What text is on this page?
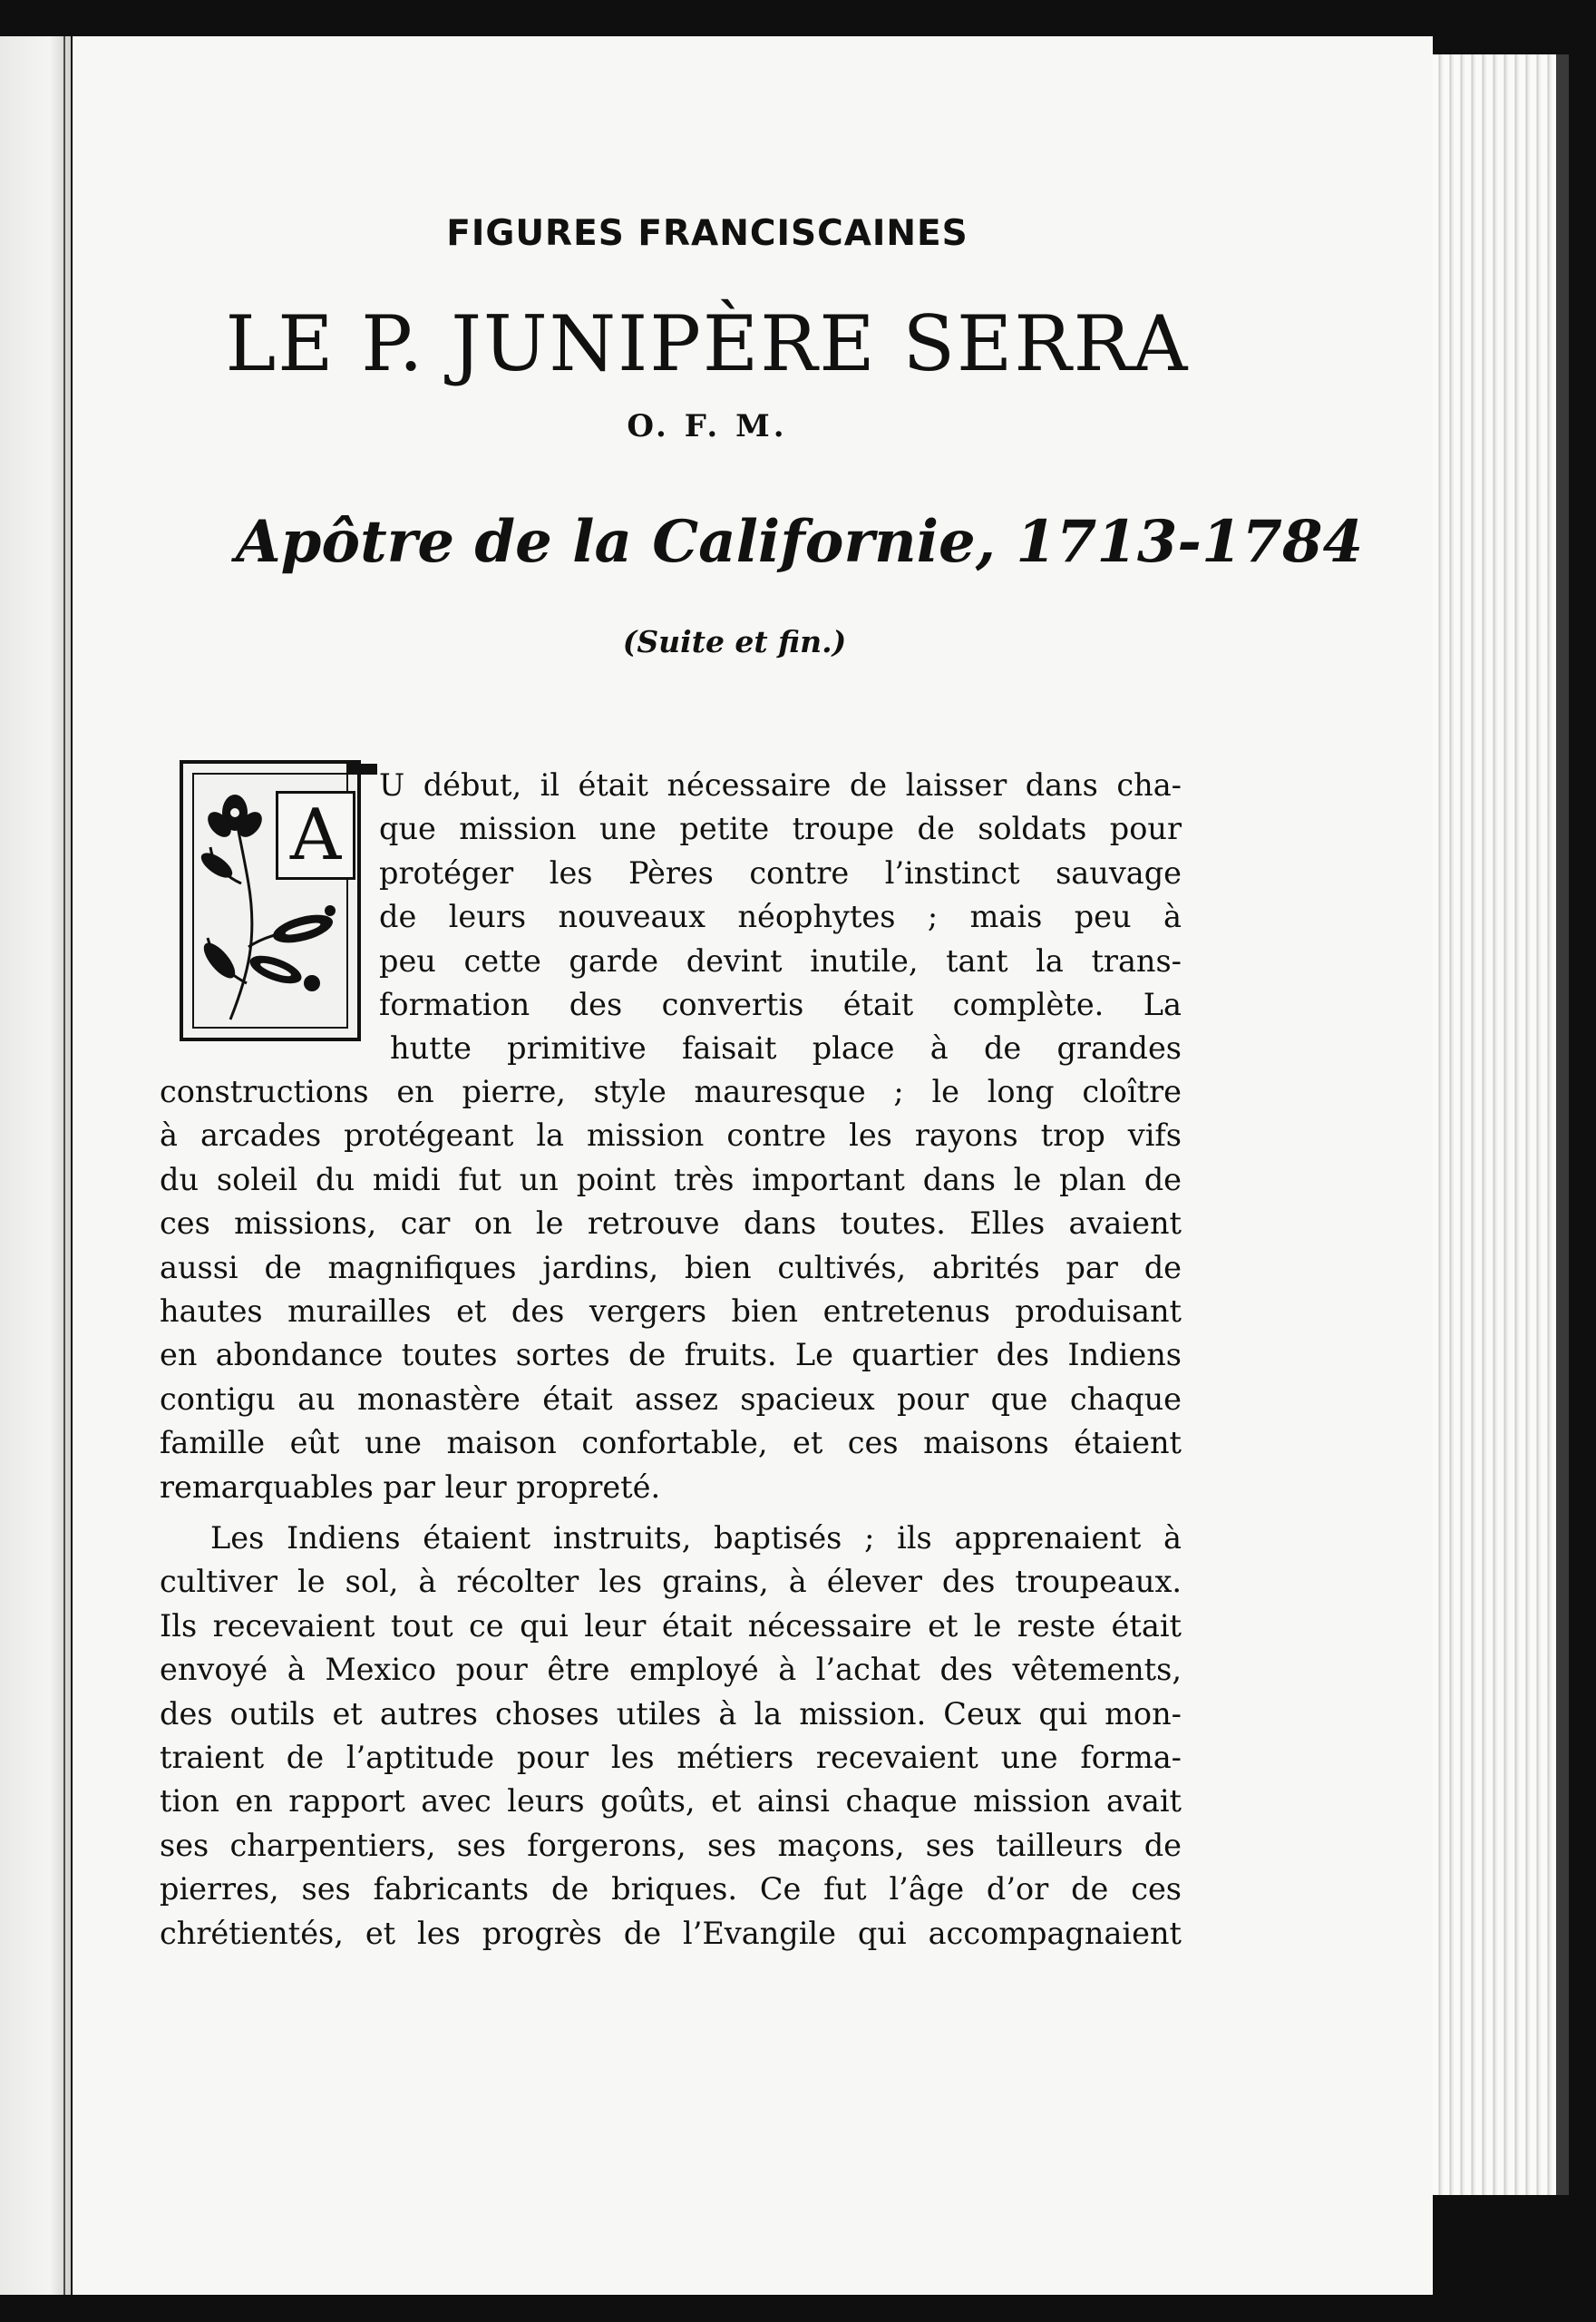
FIGURES FRANCISCAINES
LE P. JUNIPÈRE SERRA
O. F. M.
Apôtre de la Californie, 1713-1784
(Suite et fin.)
A
U début, il était nécessaire de laisser dans cha-
que mission une petite troupe de soldats pour
protéger les Pères contre l’instinct sauvage
de leurs nouveaux néophytes ; mais peu à
peu cette garde devint inutile, tant la trans-
formation des convertis était complète. La
hutte primitive faisait place à de grandes
constructions en pierre, style mauresque ; le long cloître
à arcades protégeant la mission contre les rayons trop vifs
du soleil du midi fut un point très important dans le plan de
ces missions, car on le retrouve dans toutes. Elles avaient
aussi de magnifiques jardins, bien cultivés, abrités par de
hautes murailles et des vergers bien entretenus produisant
en abondance toutes sortes de fruits. Le quartier des Indiens
contigu au monastère était assez spacieux pour que chaque
famille eût une maison confortable, et ces maisons étaient
remarquables par leur propreté.
Les Indiens étaient instruits, baptisés ; ils apprenaient à
cultiver le sol, à récolter les grains, à élever des troupeaux.
Ils recevaient tout ce qui leur était nécessaire et le reste était
envoyé à Mexico pour être employé à l’achat des vêtements,
des outils et autres choses utiles à la mission. Ceux qui mon-
traient de l’aptitude pour les métiers recevaient une forma-
tion en rapport avec leurs goûts, et ainsi chaque mission avait
ses charpentiers, ses forgerons, ses maçons, ses tailleurs de
pierres, ses fabricants de briques. Ce fut l’âge d’or de ces
chrétientés, et les progrès de l’Evangile qui accompagnaient
